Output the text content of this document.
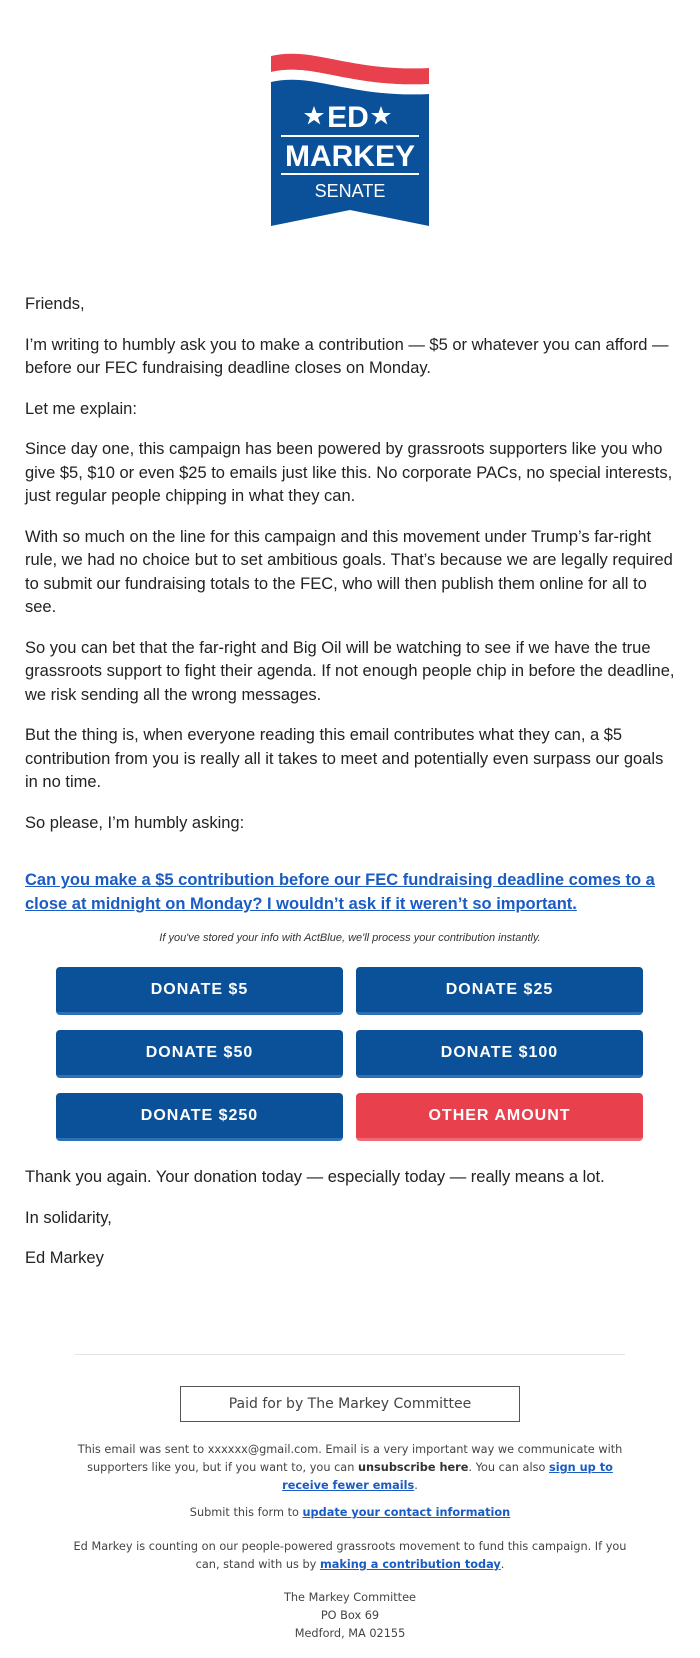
ED
MARKEY
SENATE

Friends,

I’m writing to humbly ask you to make a contribution — $5 or whatever you can afford — before our FEC fundraising deadline closes on Monday.

Let me explain:

Since day one, this campaign has been powered by grassroots supporters like you who give $5, $10 or even $25 to emails just like this. No corporate PACs, no special interests, just regular people chipping in what they can.

With so much on the line for this campaign and this movement under Trump’s far-right rule, we had no choice but to set ambitious goals. That’s because we are legally required to submit our fundraising totals to the FEC, who will then publish them online for all to see.

So you can bet that the far-right and Big Oil will be watching to see if we have the true grassroots support to fight their agenda. If not enough people chip in before the deadline, we risk sending all the wrong messages.

But the thing is, when everyone reading this email contributes what they can, a $5 contribution from you is really all it takes to meet and potentially even surpass our goals in no time.

So please, I’m humbly asking:

Can you make a $5 contribution before our FEC fundraising deadline comes to a close at midnight on Monday? I wouldn’t ask if it weren’t so important.
If you've stored your info with ActBlue, we'll process your contribution instantly.
DONATE $5	DONATE $25
DONATE $50	DONATE $100
DONATE $250	OTHER AMOUNT

Thank you again. Your donation today — especially today — really means a lot.

In solidarity,

Ed Markey

Paid for by The Markey Committee
This email was sent to xxxxxx@gmail.com. Email is a very important way we communicate with supporters like you, but if you want to, you can unsubscribe here. You can also sign up to receive fewer emails.
Submit this form to update your contact information
Ed Markey is counting on our people-powered grassroots movement to fund this campaign. If you can, stand with us by making a contribution today.
The Markey Committee
PO Box 69
Medford, MA 02155
